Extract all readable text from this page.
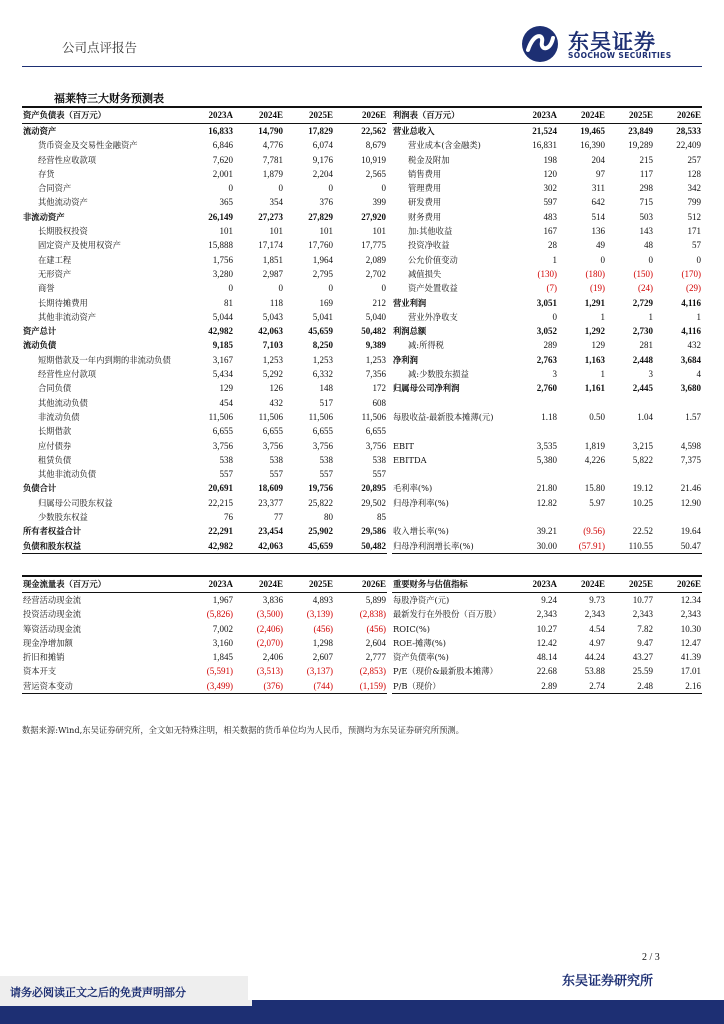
公司点评报告	东吴证券
SOOCHOW SECURITIES
福莱特三大财务预测表
资产负债表（百万元）	2023A	2024E	2025E	2026E
流动资产	16,833	14,790	17,829	22,562
货币资金及交易性金融资产	6,846	4,776	6,074	8,679
经营性应收款项	7,620	7,781	9,176	10,919
存货	2,001	1,879	2,204	2,565
合同资产	0	0	0	0
其他流动资产	365	354	376	399
非流动资产	26,149	27,273	27,829	27,920
长期股权投资	101	101	101	101
固定资产及使用权资产	15,888	17,174	17,760	17,775
在建工程	1,756	1,851	1,964	2,089
无形资产	3,280	2,987	2,795	2,702
商誉	0	0	0	0
长期待摊费用	81	118	169	212
其他非流动资产	5,044	5,043	5,041	5,040
资产总计	42,982	42,063	45,659	50,482
流动负债	9,185	7,103	8,250	9,389
短期借款及一年内到期的非流动负债	3,167	1,253	1,253	1,253
经营性应付款项	5,434	5,292	6,332	7,356
合同负债	129	126	148	172
其他流动负债	454	432	517	608
非流动负债	11,506	11,506	11,506	11,506
长期借款	6,655	6,655	6,655	6,655
应付债券	3,756	3,756	3,756	3,756
租赁负债	538	538	538	538
其他非流动负债	557	557	557	557
负债合计	20,691	18,609	19,756	20,895
归属母公司股东权益	22,215	23,377	25,822	29,502
少数股东权益	76	77	80	85
所有者权益合计	22,291	23,454	25,902	29,586
负债和股东权益	42,982	42,063	45,659	50,482
利润表（百万元）	2023A	2024E	2025E	2026E
营业总收入	21,524	19,465	23,849	28,533
营业成本(含金融类)	16,831	16,390	19,289	22,409
税金及附加	198	204	215	257
销售费用	120	97	117	128
管理费用	302	311	298	342
研发费用	597	642	715	799
财务费用	483	514	503	512
加:其他收益	167	136	143	171
投资净收益	28	49	48	57
公允价值变动	1	0	0	0
减值损失	(130)	(180)	(150)	(170)
资产处置收益	(7)	(19)	(24)	(29)
营业利润	3,051	1,291	2,729	4,116
营业外净收支	0	1	1	1
利润总额	3,052	1,292	2,730	4,116
减:所得税	289	129	281	432
净利润	2,763	1,163	2,448	3,684
减:少数股东损益	3	1	3	4
归属母公司净利润	2,760	1,161	2,445	3,680

每股收益-最新股本摊薄(元)	1.18	0.50	1.04	1.57

EBIT	3,535	1,819	3,215	4,598
EBITDA	5,380	4,226	5,822	7,375

毛利率(%)	21.80	15.80	19.12	21.46
归母净利率(%)	12.82	5.97	10.25	12.90

收入增长率(%)	39.21	(9.56)	22.52	19.64
归母净利润增长率(%)	30.00	(57.91)	110.55	50.47
现金流量表（百万元）	2023A	2024E	2025E	2026E
经营活动现金流	1,967	3,836	4,893	5,899
投资活动现金流	(5,826)	(3,500)	(3,139)	(2,838)
筹资活动现金流	7,002	(2,406)	(456)	(456)
现金净增加额	3,160	(2,070)	1,298	2,604
折旧和摊销	1,845	2,406	2,607	2,777
资本开支	(5,591)	(3,513)	(3,137)	(2,853)
营运资本变动	(3,499)	(376)	(744)	(1,159)
重要财务与估值指标	2023A	2024E	2025E	2026E
每股净资产(元)	9.24	9.73	10.77	12.34
最新发行在外股份（百万股）	2,343	2,343	2,343	2,343
ROIC(%)	10.27	4.54	7.82	10.30
ROE-摊薄(%)	12.42	4.97	9.47	12.47
资产负债率(%)	48.14	44.24	43.27	41.39
P/E（现价&最新股本摊薄）	22.68	53.88	25.59	17.01
P/B（现价）	2.89	2.74	2.48	2.16
数据来源:Wind,东吴证券研究所，全文如无特殊注明，相关数据的货币单位均为人民币，预测均为东吴证券研究所预测。
2 / 3
请务必阅读正文之后的免责声明部分
东吴证券研究所
